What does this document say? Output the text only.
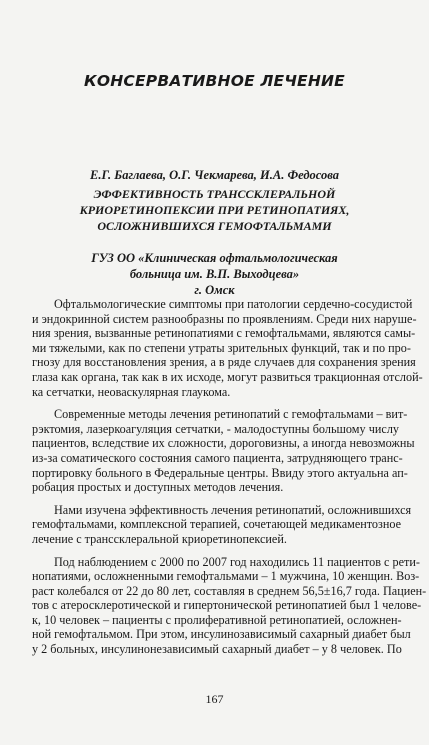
КОНСЕРВАТИВНОЕ ЛЕЧЕНИЕ
Е.Г. Баглаева, О.Г. Чекмарева, И.А. Федосова
ЭФФЕКТИВНОСТЬ ТРАНССКЛЕРАЛЬНОЙ
КРИОРЕТИНОПЕКСИИ ПРИ РЕТИНОПАТИЯХ,
ОСЛОЖНИВШИХСЯ ГЕМОФТАЛЬМАМИ
ГУЗ ОО «Клиническая офтальмологическая
больница им. В.П. Выходцева»
г. Омск
Офтальмологические симптомы при патологии сердечно-сосудистой
и эндокринной систем разнообразны по проявлениям. Среди них наруше-
ния зрения, вызванные ретинопатиями с гемофтальмами, являются самы-
ми тяжелыми, как по степени утраты зрительных функций, так и по про-
гнозу для восстановления зрения, а в ряде случаев для сохранения зрения
глаза как органа, так как в их исходе, могут развиться тракционная отслой-
ка сетчатки, неоваскулярная глаукома.
Современные методы лечения ретинопатий с гемофтальмами – вит-
рэктомия, лазеркоагуляция сетчатки, - малодоступны большому числу
пациентов, вследствие их сложности, дороговизны, а иногда невозможны
из-за соматического состояния самого пациента, затрудняющего транс-
портировку больного в Федеральные центры. Ввиду этого актуальна ап-
робация простых и доступных методов лечения.
Нами изучена эффективность лечения ретинопатий, осложнившихся
гемофтальмами, комплексной терапией, сочетающей медикаментозное
лечение с транссклеральной криоретинопексией.
Под наблюдением с 2000 по 2007 год находились 11 пациентов с рети-
нопатиями, осложненными гемофтальмами – 1 мужчина, 10 женщин. Воз-
раст колебался от 22 до 80 лет, составляя в среднем 56,5±16,7 года. Пациен-
тов с атеросклеротической и гипертонической ретинопатией был 1 челове-
к, 10 человек – пациенты с пролиферативной ретинопатией, осложнен-
ной гемофтальмом. При этом, инсулинозависимый сахарный диабет был
у 2 больных, инсулинонезависимый сахарный диабет – у 8 человек. По
167
